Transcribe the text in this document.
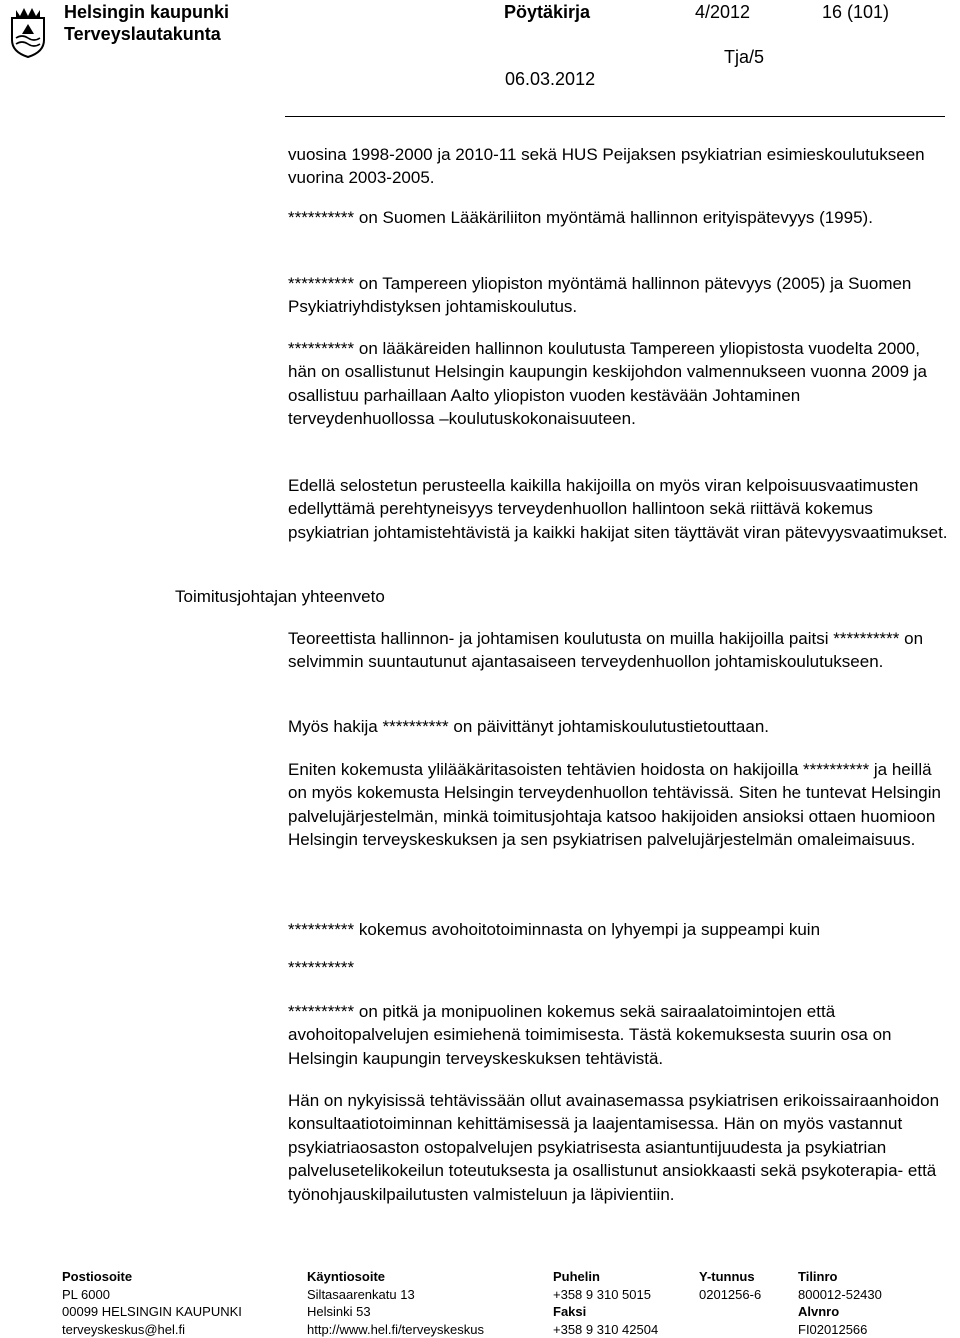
Helsingin kaupunki
Terveyslautakunta
Pöytäkirja	4/2012	16 (101)
Tja/5
06.03.2012
Toimitusjohtajan yhteenveto
vuosina 1998-2000 ja 2010-11 sekä HUS Peijaksen psykiatrian esimieskoulutukseen vuorina 2003-2005.
********** on Suomen Lääkäriliiton myöntämä hallinnon erityispätevyys (1995).
********** on Tampereen yliopiston myöntämä hallinnon pätevyys (2005) ja Suomen Psykiatriyhdistyksen johtamiskoulutus.
********** on lääkäreiden hallinnon koulutusta Tampereen yliopistosta vuodelta 2000, hän on osallistunut Helsingin kaupungin keskijohdon valmennukseen vuonna 2009 ja osallistuu parhaillaan Aalto yliopiston vuoden kestävään Johtaminen terveydenhuollossa –koulutuskokonaisuuteen.
Edellä selostetun perusteella kaikilla hakijoilla on myös viran kelpoisuusvaatimusten edellyttämä perehtyneisyys terveydenhuollon hallintoon sekä riittävä kokemus psykiatrian johtamistehtävistä ja kaikki hakijat siten täyttävät viran pätevyysvaatimukset.
Teoreettista hallinnon- ja johtamisen koulutusta on muilla hakijoilla paitsi ********** on selvimmin suuntautunut ajantasaiseen terveydenhuollon johtamiskoulutukseen.
Myös hakija ********** on päivittänyt johtamiskoulutustietouttaan.
Eniten kokemusta ylilääkäritasoisten tehtävien hoidosta on hakijoilla ********** ja heillä on myös kokemusta Helsingin terveydenhuollon tehtävissä. Siten he tuntevat Helsingin palvelujärjestelmän, minkä toimitusjohtaja katsoo hakijoiden ansioksi ottaen huomioon Helsingin terveyskeskuksen ja sen psykiatrisen palvelujärjestelmän omaleimaisuus.
********** kokemus avohoitotoiminnasta on lyhyempi ja suppeampi kuin
**********
********** on pitkä ja monipuolinen kokemus sekä sairaalatoimintojen että avohoitopalvelujen esimiehenä toimimisesta. Tästä kokemuksesta suurin osa on Helsingin kaupungin terveyskeskuksen tehtävistä.
Hän on nykyisissä tehtävissään ollut avainasemassa psykiatrisen erikoissairaanhoidon konsultaatiotoiminnan kehittämisessä ja laajentamisessa. Hän on myös vastannut psykiatriaosaston ostopalvelujen psykiatrisesta asiantuntijuudesta ja psykiatrian palvelusetelikokeilun toteutuksesta ja osallistunut ansiokkaasti sekä psykoterapia- että työnohjauskilpailutusten valmisteluun ja läpivientiin.
Postiosoite
PL 6000
00099 HELSINGIN KAUPUNKI
terveyskeskus@hel.fi
Käyntiosoite
Siltasaarenkatu 13
Helsinki 53
http://www.hel.fi/terveyskeskus
Puhelin
+358 9 310 5015
Faksi
+358 9 310 42504
Y-tunnus
0201256-6
Tilinro
800012-52430
Alvnro
FI02012566
